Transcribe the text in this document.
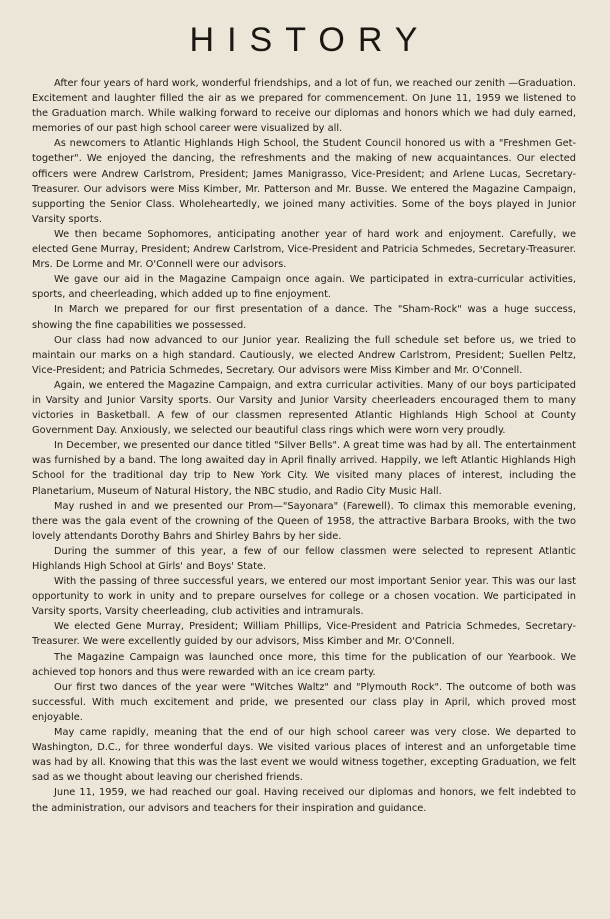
HISTORY

After four years of hard work, wonderful friendships, and a lot of fun, we reached our zenith —Graduation. Excitement and laughter filled the air as we prepared for commencement. On June 11, 1959 we listened to the Graduation march. While walking forward to receive our diplomas and honors which we had duly earned, memories of our past high school career were visualized by all.

As newcomers to Atlantic Highlands High School, the Student Council honored us with a "Freshmen Get-together". We enjoyed the dancing, the refreshments and the making of new acquaintances. Our elected officers were Andrew Carlstrom, President; James Manigrasso, Vice-President; and Arlene Lucas, Secretary-Treasurer. Our advisors were Miss Kimber, Mr. Patterson and Mr. Busse. We entered the Magazine Campaign, supporting the Senior Class. Wholeheartedly, we joined many activities. Some of the boys played in Junior Varsity sports.

We then became Sophomores, anticipating another year of hard work and enjoyment. Carefully, we elected Gene Murray, President; Andrew Carlstrom, Vice-President and Patricia Schmedes, Secretary-Treasurer. Mrs. De Lorme and Mr. O'Connell were our advisors.

We gave our aid in the Magazine Campaign once again. We participated in extra-curricular activities, sports, and cheerleading, which added up to fine enjoyment.

In March we prepared for our first presentation of a dance. The "Sham-Rock" was a huge success, showing the fine capabilities we possessed.

Our class had now advanced to our Junior year. Realizing the full schedule set before us, we tried to maintain our marks on a high standard. Cautiously, we elected Andrew Carlstrom, President; Suellen Peltz, Vice-President; and Patricia Schmedes, Secretary. Our advisors were Miss Kimber and Mr. O'Connell.

Again, we entered the Magazine Campaign, and extra curricular activities. Many of our boys participated in Varsity and Junior Varsity sports. Our Varsity and Junior Varsity cheerleaders encouraged them to many victories in Basketball. A few of our classmen represented Atlantic Highlands High School at County Government Day. Anxiously, we selected our beautiful class rings which were worn very proudly.

In December, we presented our dance titled "Silver Bells". A great time was had by all. The entertainment was furnished by a band. The long awaited day in April finally arrived. Happily, we left Atlantic Highlands High School for the traditional day trip to New York City. We visited many places of interest, including the Planetarium, Museum of Natural History, the NBC studio, and Radio City Music Hall.

May rushed in and we presented our Prom—"Sayonara" (Farewell). To climax this memorable evening, there was the gala event of the crowning of the Queen of 1958, the attractive Barbara Brooks, with the two lovely attendants Dorothy Bahrs and Shirley Bahrs by her side.

During the summer of this year, a few of our fellow classmen were selected to represent Atlantic Highlands High School at Girls' and Boys' State.

With the passing of three successful years, we entered our most important Senior year. This was our last opportunity to work in unity and to prepare ourselves for college or a chosen vocation. We participated in Varsity sports, Varsity cheerleading, club activities and intramurals.

We elected Gene Murray, President; William Phillips, Vice-President and Patricia Schmedes, Secretary-Treasurer. We were excellently guided by our advisors, Miss Kimber and Mr. O'Connell.

The Magazine Campaign was launched once more, this time for the publication of our Yearbook. We achieved top honors and thus were rewarded with an ice cream party.

Our first two dances of the year were "Witches Waltz" and "Plymouth Rock". The outcome of both was successful. With much excitement and pride, we presented our class play in April, which proved most enjoyable.

May came rapidly, meaning that the end of our high school career was very close. We departed to Washington, D.C., for three wonderful days. We visited various places of interest and an unforgetable time was had by all. Knowing that this was the last event we would witness together, excepting Graduation, we felt sad as we thought about leaving our cherished friends.

June 11, 1959, we had reached our goal. Having received our diplomas and honors, we felt indebted to the administration, our advisors and teachers for their inspiration and guidance.
